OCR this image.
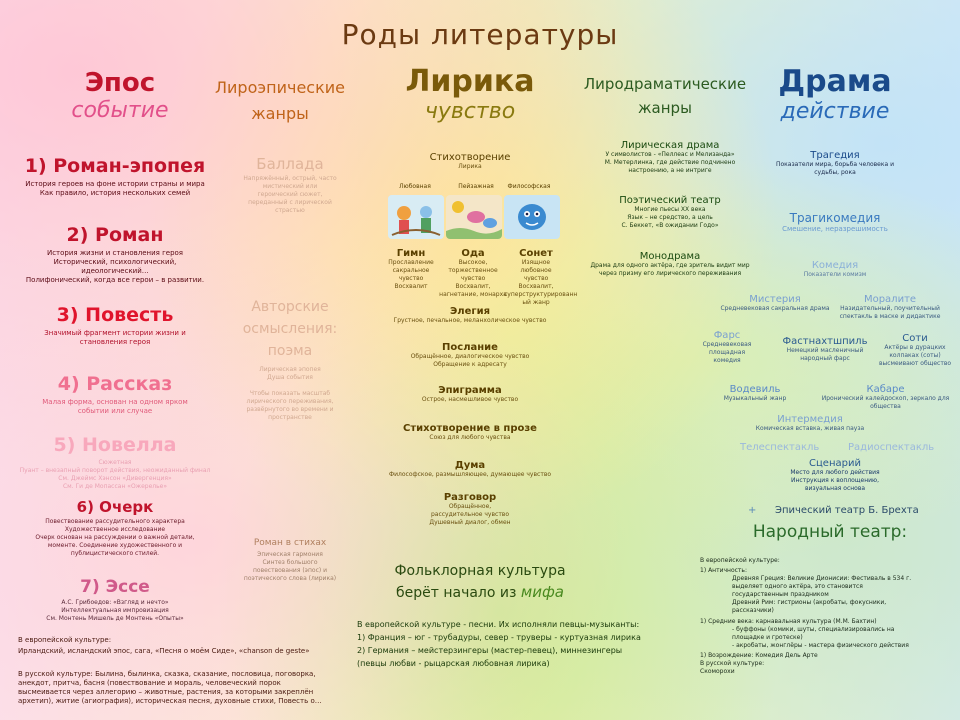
Роды литературы
Эпос
событие
1) Роман-эпопея
История героев на фоне истории страны и мира
Как правило, история нескольких семей
2) Роман
История жизни и становления героя
Исторический, психологический,
идеологический…
Полифонический, когда все герои – в развитии.
3) Повесть
Значимый фрагмент истории жизни и
становления героя
4) Рассказ
Малая форма, основан на одном ярком
событии или случае
5) Новелла
Сюжетная
Пуант – внезапный поворот действия, неожиданный финал
См. Джеймс Хэнсон «Дивергенция»
См. Ги де Мопассан «Ожерелье»
6) Очерк
Повествование рассудительного характера
Художественное исследование
Очерк основан на рассуждении о важной детали,
моменте. Соединение художественного и
публицистического стилей.
7) Эссе
А.С. Грибоедов: «Взгляд и нечто»
Интеллектуальная импровизация
См. Монтень Мишель де Монтень «Опыты»
В европейской культуре:
Ирландский, исландский эпос, сага, «Песня о моём Сиде», «chanson de geste»
В русской культуре: Былина, былинка, сказка, сказание, пословица, поговорка, анекдот, притча, басня (повествование и мораль, человеческий порок высмеивается через аллегорию – животные, растения, за которыми закреплён архетип), житие (агиография), историческая песня, духовные стихи, Повесть о…
Лироэпические
жанры
Баллада
Напряжённый, острый, часто
мистический или
героический сюжет,
переданный с лирической
страстью
Авторские
осмысления:
поэма
Лирическая эпопея
Душа события

Чтобы показать масштаб
лирического переживания,
развёрнутого во времени и
пространстве
Роман в стихах
Эпическая гармония
Синтез большого
повествования (эпос) и
поэтического слова (лирика)
Лирика
чувство
Стихотворение
Лирика
Любовная	Пейзажная	Философская
Гимн
Прославление
сакральное
чувство
Восхвалит
Ода
Высокое,
торжественное чувство
Восхвалит,
нагнетание, монарха
Сонет
Изящное
любовное
чувство
Восхвалит,
суперструктурированн
ый жанр
Элегия
Грустное, печальное, меланхолическое чувство
Послание
Обращённое, диалогическое чувство
Обращение к адресату
Эпиграмма
Острое, насмешливое чувство
Стихотворение в прозе
Союз для любого чувства
Дума
Философское, размышляющее, думающее чувство
Разговор
Обращённое,
рассудительное чувство
Душевный диалог, обмен
Фольклорная культура
берёт начало из мифа
В европейской культуре - песни. Их исполняли певцы-музыканты:
1) Франция – юг - трубадуры, север - труверы - куртуазная лирика
2) Германия – мейстерзингеры (мастер-певец), миннезингеры
(певцы любви - рыцарская любовная лирика)
Лиродраматические
жанры
Лирическая драма
У символистов - «Пеллеас и Мелизанда»
М. Метерлинка, где действие подчинено
настроению, а не интриге
Поэтический театр
Многие пьесы XX века
Язык – не средство, а цель
С. Беккет, «В ожидании Годо»
Монодрама
Драма для одного актёра, где зритель видит мир
через призму его лирического переживания
Драма
действие
Трагедия
Показатели мира, борьба человека и
судьбы, рока
Трагикомедия
Смешение, неразрешимость
Комедия
Показатели комизм
Мистерия
Средневековая сакральная драма
Моралите
Назидательный, поучительный
спектакль в маске и дидактике
Фарс
Средневековая
площадная
комедия
Фастнахтшпиль
Немецкий масленичный
народный фарс
Соти
Актёры в дурацких
колпаках (соты)
высмеивают общество
Водевиль
Музыкальный жанр
Кабаре
Иронический калейдоскоп, зеркало для
общества
Интермедия
Комическая вставка, живая пауза
Телеспектакль	Радиоспектакль
Сценарий
Место для любого действия
Инструкция к воплощению,
визуальная основа
+ Эпический театр Б. Брехта
Народный театр:
В европейской культуре:
1) Античность:
Древняя Греция: Великие Дионисии: Фестиваль в 534 г.
выделяет одного актёра, это становится
государственным праздником
Древний Рим: гистрионы (акробаты, фокусники,
рассказчики)
1) Средние века: карнавальная культура (М.М. Бахтин)
- буффоны (комики, шуты, специализировались на
площадке и гротеске)
- акробаты, жонглёры - мастера физического действия
1) Возрождение: Комедия Дель Арте
В русской культуре:
Скоморохи
